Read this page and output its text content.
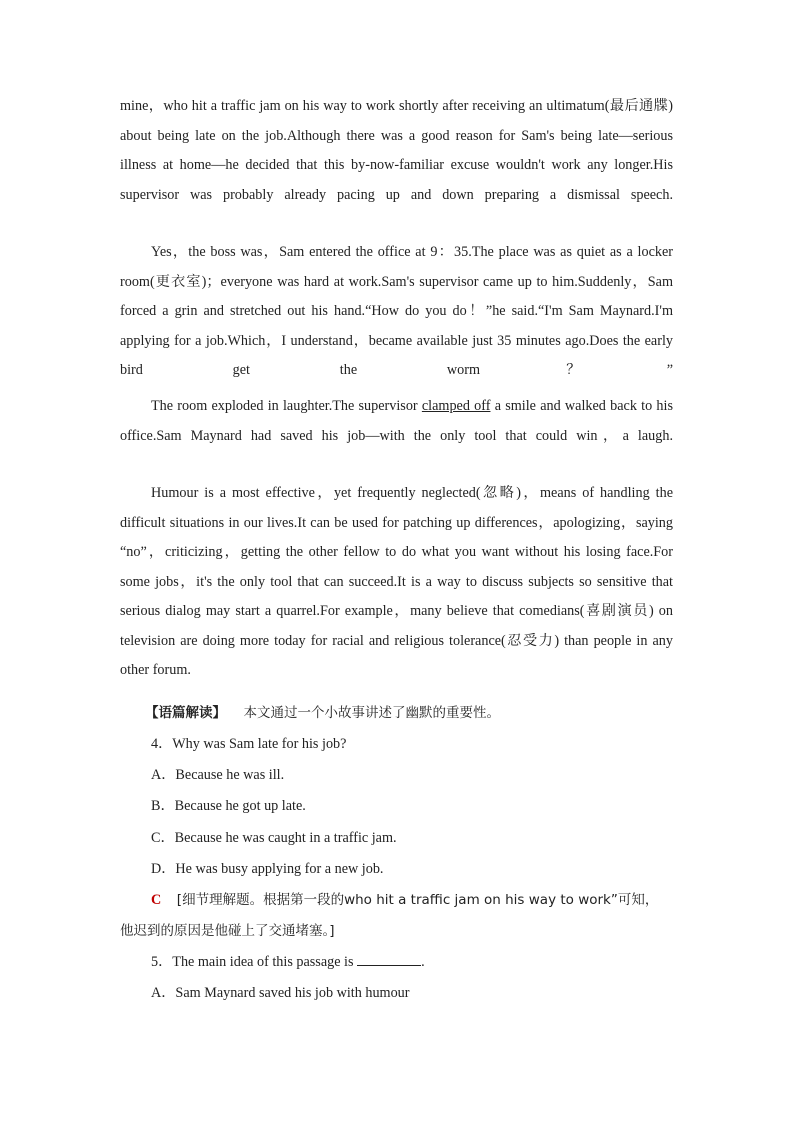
mine，who hit a traffic jam on his way to work shortly after receiving an ultimatum(最后通牒) about being late on the job.Although there was a good reason for Sam's being late—serious illness at home—he decided that this by-now-familiar excuse wouldn't work any longer.His supervisor was probably already pacing up and down preparing a dismissal speech.

Yes，the boss was，Sam entered the office at 9：35.The place was as quiet as a locker room(更衣室)；everyone was hard at work.Sam's supervisor came up to him.Suddenly，Sam forced a grin and stretched out his hand.“How do you do！”he said.“I'm Sam Maynard.I'm applying for a job.Which，I understand，became available just 35 minutes ago.Does the early bird get the worm？”

The room exploded in laughter.The supervisor clamped off a smile and walked back to his office.Sam Maynard had saved his job—with the only tool that could win，a laugh.

Humour is a most effective，yet frequently neglected(忽略)，means of handling the difficult situations in our lives.It can be used for patching up differences，apologizing，saying “no”，criticizing，getting the other fellow to do what you want without his losing face.For some jobs，it's the only tool that can succeed.It is a way to discuss subjects so sensitive that serious dialog may start a quarrel.For example，many believe that comedians(喜剧演员) on television are doing more today for racial and religious tolerance(忍受力) than people in any other forum.

【语篇解读】 本文通过一个小故事讲述了幽默的重要性。
4．Why was Sam late for his job?
A．Because he was ill.
B．Because he got up late.
C．Because he was caught in a traffic jam.
D．He was busy applying for a new job.
C [细节理解题。根据第一段的who hit a traffic jam on his way to work”可知，
他迟到的原因是他碰上了交通堵塞。]
5．The main idea of this passage is	.
A．Sam Maynard saved his job with humour
